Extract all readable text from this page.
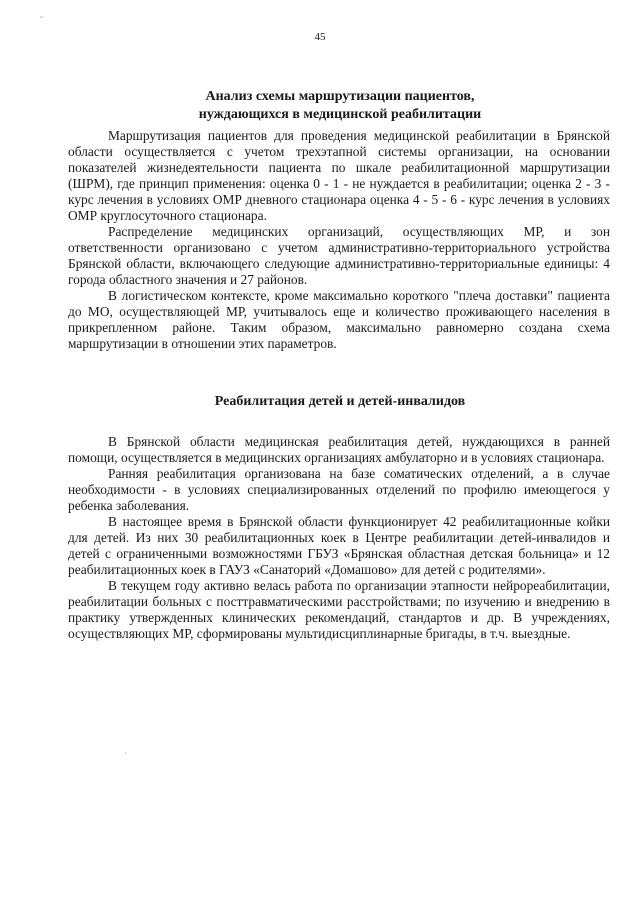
‸
45
Анализ схемы маршрутизации пациентов,
нуждающихся в медицинской реабилитации

Маршрутизация пациентов для проведения медицинской реабилитации в Брянской области осуществляется с учетом трехэтапной системы организации, на основании показателей жизнедеятельности пациента по шкале реабилитационной маршрутизации (ШРМ), где принцип применения: оценка 0 - 1 - не нуждается в реабилитации; оценка 2 - 3 - курс лечения в условиях ОМР дневного стационара оценка 4 - 5 - 6 - курс лечения в условиях ОМР круглосуточного стационара.

Распределение медицинских организаций, осуществляющих МР, и зон ответственности организовано с учетом административно-территориального устройства Брянской области, включающего следующие административно-территориальные единицы: 4 города областного значения и 27 районов.

В логистическом контексте, кроме максимально короткого "плеча доставки" пациента до МО, осуществляющей МР, учитывалось еще и количество проживающего населения в прикрепленном районе. Таким образом, максимально равномерно создана схема маршрутизации в отношении этих параметров.

Реабилитация детей и детей-инвалидов

В Брянской области медицинская реабилитация детей, нуждающихся в ранней помощи, осуществляется в медицинских организациях амбулаторно и в условиях стационара.

Ранняя реабилитация организована на базе соматических отделений, а в случае необходимости - в условиях специализированных отделений по профилю имеющегося у ребенка заболевания.

В настоящее время в Брянской области функционирует 42 реабилитационные койки для детей. Из них 30 реабилитационных коек в Центре реабилитации детей-инвалидов и детей с ограниченными возможностями ГБУЗ «Брянская областная детская больница» и 12 реабилитационных коек в ГАУЗ «Санаторий «Домашово» для детей с родителями».

В текущем году активно велась работа по организации этапности нейрореабилитации, реабилитации больных с посттравматическими расстройствами; по изучению и внедрению в практику утвержденных клинических рекомендаций, стандартов и др. В учреждениях, осуществляющих МР, сформированы мультидисциплинарные бригады, в т.ч. выездные.

·
